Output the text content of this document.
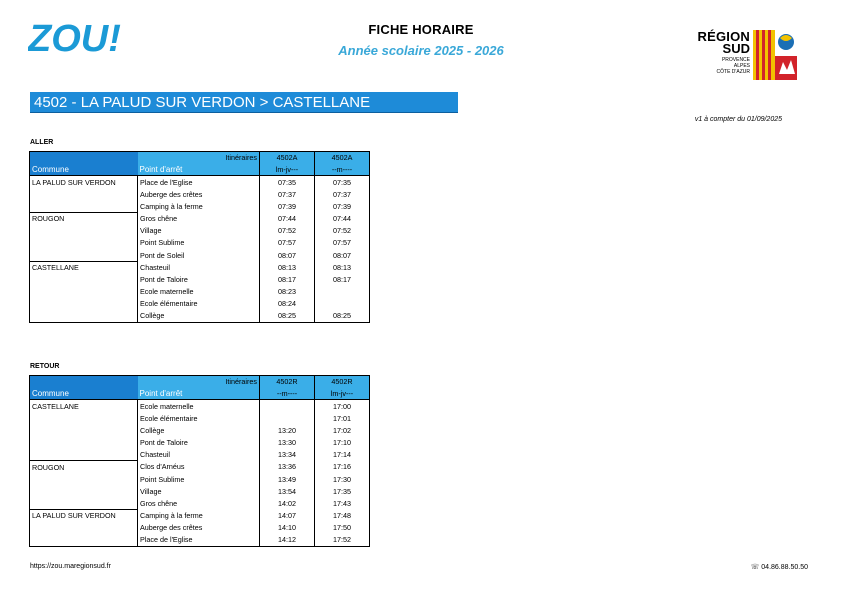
ZOU!	FICHE HORAIRE
Année scolaire 2025 - 2026
RÉGION
SUD
PROVENCE
ALPES
CÔTE D'AZUR
4502 - LA PALUD SUR VERDON > CASTELLANE
v1 à compter du 01/09/2025
ALLER
	Itinéraires	4502A	4502A
Commune	Point d'arrêt	lm-jv---	--m----
LA PALUD SUR VERDON	Place de l'Eglise	07:35	07:35
	Auberge des crêtes	07:37	07:37
	Camping à la ferme	07:39	07:39
ROUGON	Gros chêne	07:44	07:44
	Village	07:52	07:52
	Point Sublime	07:57	07:57
	Pont de Soleil	08:07	08:07
CASTELLANE	Chasteuil	08:13	08:13
	Pont de Taloire	08:17	08:17
	Ecole maternelle	08:23	
	Ecole élémentaire	08:24	
	Collège	08:25	08:25
RETOUR
	Itinéraires	4502R	4502R
Commune	Point d'arrêt	--m----	lm-jv---
CASTELLANE	Ecole maternelle		17:00
	Ecole élémentaire		17:01
	Collège	13:20	17:02
	Pont de Taloire	13:30	17:10
	Chasteuil	13:34	17:14
ROUGON	Clos d'Arnéus	13:36	17:16
	Point Sublime	13:49	17:30
	Village	13:54	17:35
	Gros chêne	14:02	17:43
LA PALUD SUR VERDON	Camping à la ferme	14:07	17:48
	Auberge des crêtes	14:10	17:50
	Place de l'Eglise	14:12	17:52
https://zou.maregionsud.fr	☏ 04.86.88.50.50
